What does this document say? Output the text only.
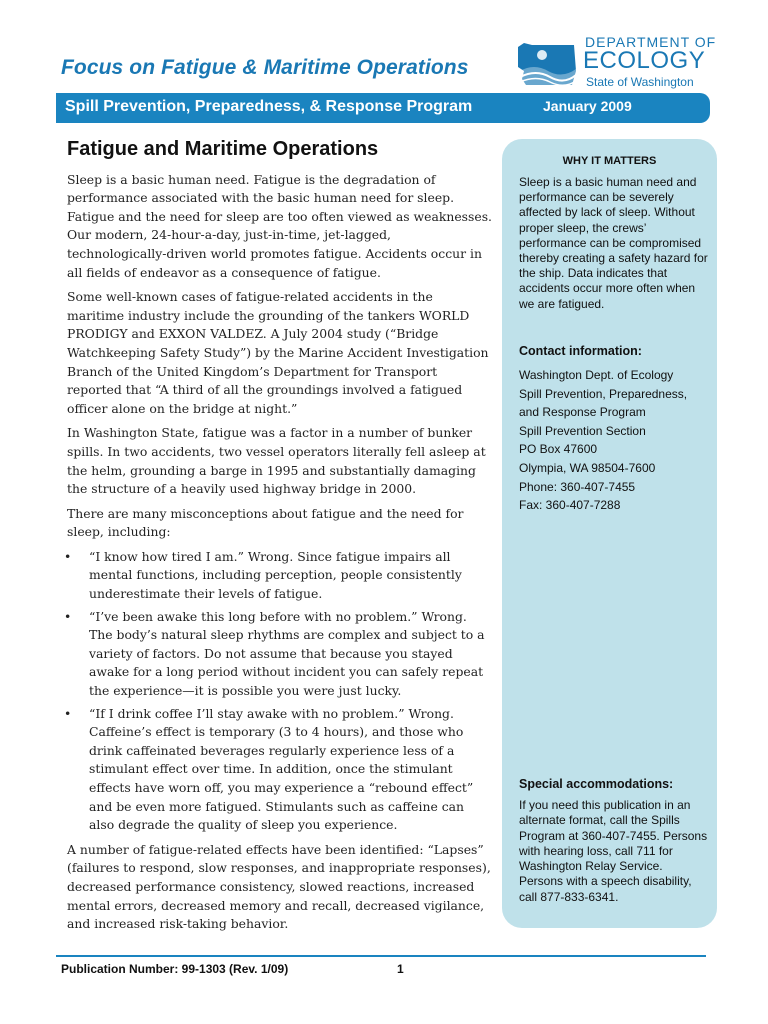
Focus on Fatigue & Maritime Operations
DEPARTMENT OF
ECOLOGY
State of Washington
Spill Prevention, Preparedness, & Response Program	January 2009
Fatigue and Maritime Operations

Sleep is a basic human need. Fatigue is the degradation of performance associated with the basic human need for sleep. Fatigue and the need for sleep are too often viewed as weaknesses. Our modern, 24-hour-a-day, just-in-time, jet-lagged, technologically-driven world promotes fatigue. Accidents occur in all fields of endeavor as a consequence of fatigue.

Some well-known cases of fatigue-related accidents in the maritime industry include the grounding of the tankers WORLD PRODIGY and EXXON VALDEZ. A July 2004 study (“Bridge Watchkeeping Safety Study”) by the Marine Accident Investigation Branch of the United Kingdom’s Department for Transport reported that “A third of all the groundings involved a fatigued officer alone on the bridge at night.”

In Washington State, fatigue was a factor in a number of bunker spills. In two accidents, two vessel operators literally fell asleep at the helm, grounding a barge in 1995 and substantially damaging the structure of a heavily used highway bridge in 2000.

There are many misconceptions about fatigue and the need for sleep, including:

• “I know how tired I am.” Wrong. Since fatigue impairs all mental functions, including perception, people consistently underestimate their levels of fatigue.
• “I’ve been awake this long before with no problem.” Wrong. The body’s natural sleep rhythms are complex and subject to a variety of factors. Do not assume that because you stayed awake for a long period without incident you can safely repeat the experience—it is possible you were just lucky.
• “If I drink coffee I’ll stay awake with no problem.” Wrong. Caffeine’s effect is temporary (3 to 4 hours), and those who drink caffeinated beverages regularly experience less of a stimulant effect over time. In addition, once the stimulant effects have worn off, you may experience a “rebound effect” and be even more fatigued. Stimulants such as caffeine can also degrade the quality of sleep you experience.

A number of fatigue-related effects have been identified: “Lapses” (failures to respond, slow responses, and inappropriate responses), decreased performance consistency, slowed reactions, increased mental errors, decreased memory and recall, decreased vigilance, and increased risk-taking behavior.

WHY IT MATTERS
Sleep is a basic human need and performance can be severely affected by lack of sleep. Without proper sleep, the crews’ performance can be compromised thereby creating a safety hazard for the ship. Data indicates that accidents occur more often when we are fatigued.
Contact information:
Washington Dept. of Ecology
Spill Prevention, Preparedness,
and Response Program
Spill Prevention Section
PO Box 47600
Olympia, WA 98504-7600
Phone: 360-407-7455
Fax: 360-407-7288
Special accommodations:
If you need this publication in an alternate format, call the Spills Program at 360-407-7455. Persons with hearing loss, call 711 for Washington Relay Service. Persons with a speech disability, call 877-833-6341.
Publication Number: 99-1303 (Rev. 1/09)	1
